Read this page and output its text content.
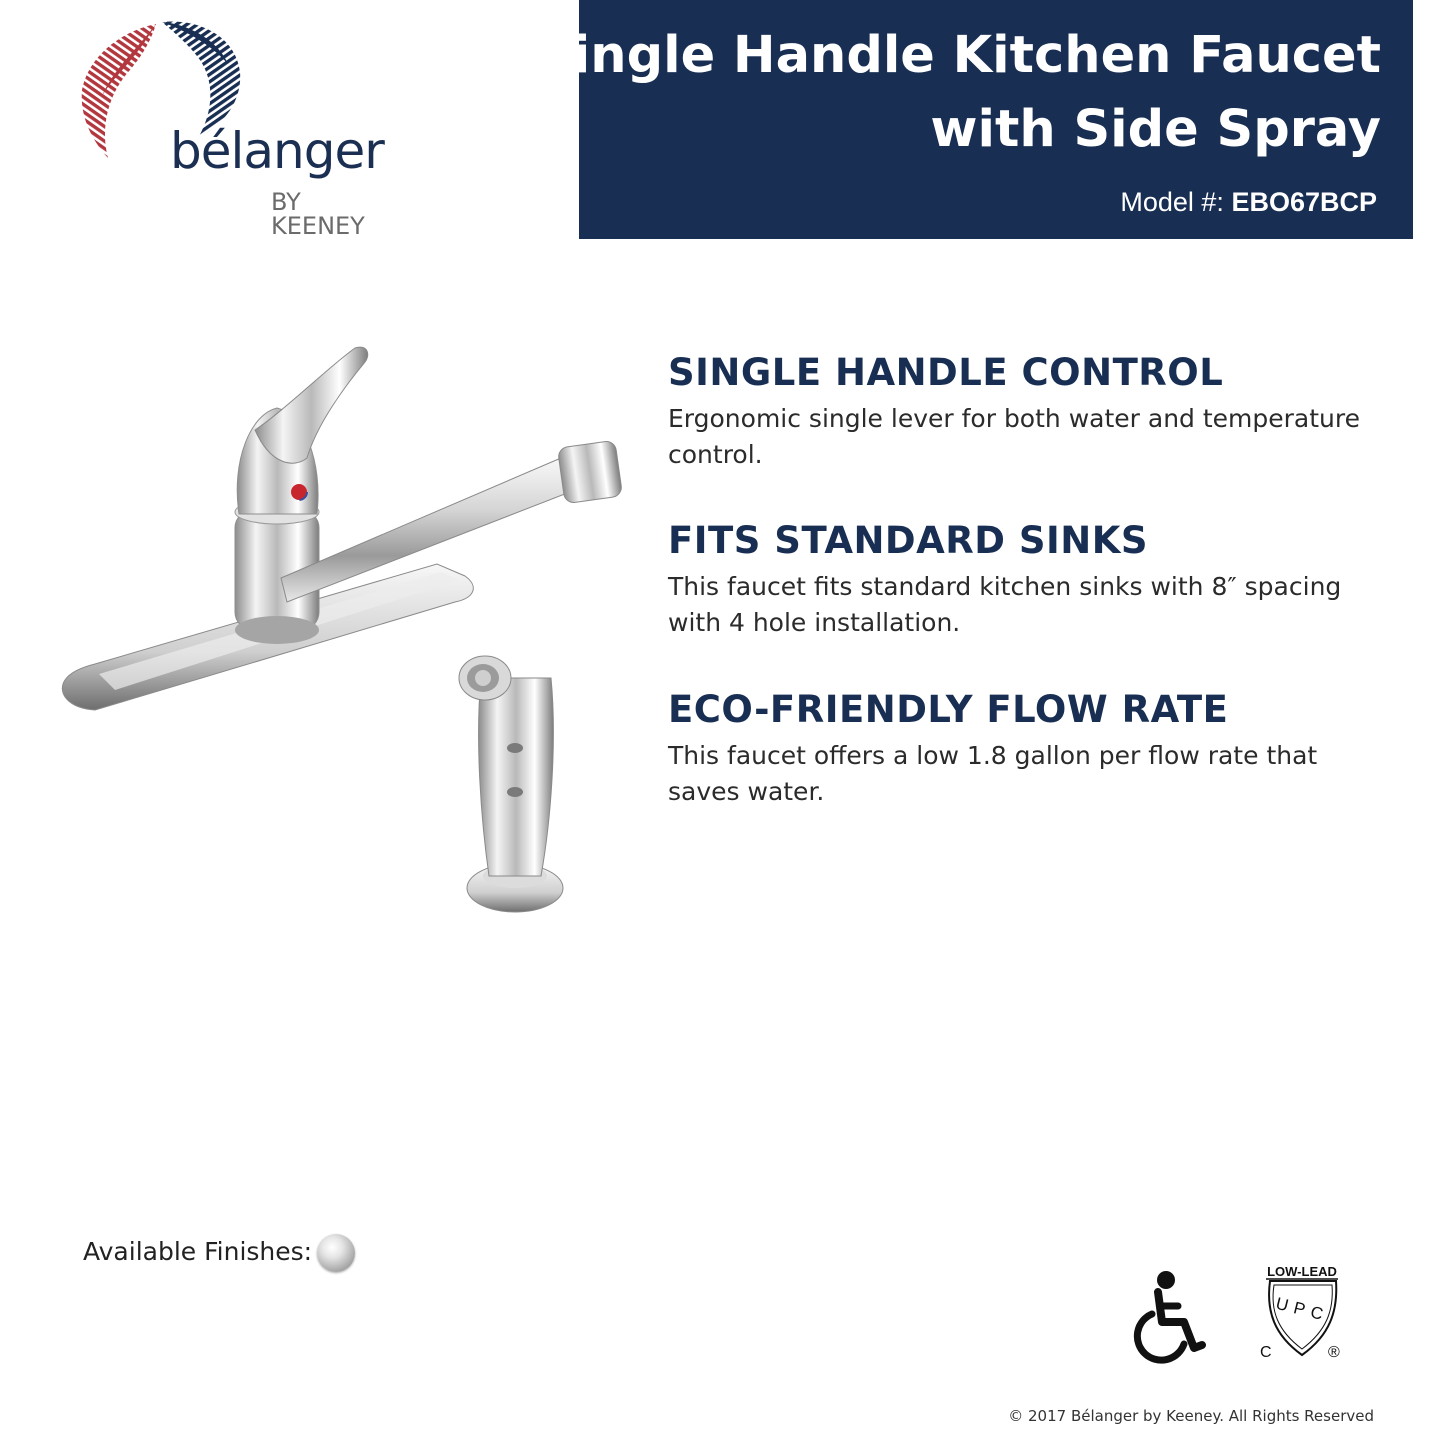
bélanger
BY KEENEY
Single Handle Kitchen Faucet
with Side Spray
Model #: EBO67BCP
SINGLE HANDLE CONTROL

Ergonomic single lever for both water and temperature control.

FITS STANDARD SINKS

This faucet fits standard kitchen sinks with 8″ spacing with 4 hole installation.

ECO-FRIENDLY FLOW RATE

This faucet offers a low 1.8 gallon per flow rate that saves water.

Available Finishes:
LOW-LEAD
UPC
C	®
© 2017 Bélanger by Keeney. All Rights Reserved
